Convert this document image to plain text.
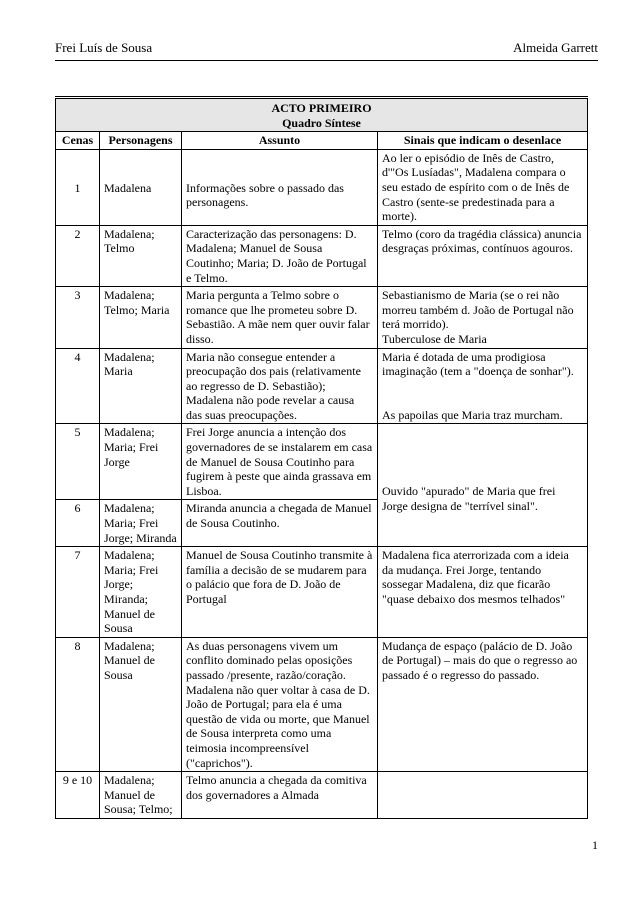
Frei Luís de Sousa	Almeida Garrett
ACTO PRIMEIRO
Quadro Síntese			

Cenas	Personagens	Assunto	Sinais que indicam o desenlace
1	Madalena	Informações sobre o passado das personagens.	Ao ler o episódio de Inês de Castro, d'"Os Lusíadas", Madalena compara o seu estado de espírito com o de Inês de Castro (sente-se predestinada para a morte).
2	Madalena; Telmo	Caracterização das personagens: D. Madalena; Manuel de Sousa Coutinho; Maria; D. João de Portugal e Telmo.	Telmo (coro da tragédia clássica) anuncia desgraças próximas, contínuos agouros.
3	Madalena; Telmo; Maria	Maria pergunta a Telmo sobre o romance que lhe prometeu sobre D. Sebastião. A mãe nem quer ouvir falar disso.	Sebastianismo de Maria (se o rei não morreu também d. João de Portugal não terá morrido).
Tuberculose de Maria

4	Madalena; Maria	Maria não consegue entender a preocupação dos pais (relativamente ao regresso de D. Sebastião); Madalena não pode revelar a causa das suas preocupações.	Maria é dotada de uma prodigiosa imaginação (tem a "doença de sonhar").
As papoilas que Maria traz murcham.

5	Madalena; Maria; Frei Jorge	Frei Jorge anuncia a intenção dos governadores de se instalarem em casa de Manuel de Sousa Coutinho para fugirem à peste que ainda grassava em Lisboa.	Ouvido "apurado" de Maria que frei Jorge designa de "terrível sinal".
6	Madalena; Maria; Frei Jorge; Miranda	Miranda anuncia a chegada de Manuel de Sousa Coutinho.	
7	Madalena; Maria; Frei Jorge; Miranda; Manuel de Sousa	Manuel de Sousa Coutinho transmite à família a decisão de se mudarem para o palácio que fora de D. João de Portugal	Madalena fica aterrorizada com a ideia da mudança. Frei Jorge, tentando sossegar Madalena, diz que ficarão "quase debaixo dos mesmos telhados"
8	Madalena; Manuel de Sousa	As duas personagens vivem um conflito dominado pelas oposições passado /presente, razão/coração. Madalena não quer voltar à casa de D. João de Portugal; para ela é uma questão de vida ou morte, que Manuel de Sousa interpreta como uma teimosia incompreensível ("caprichos").	Mudança de espaço (palácio de D. João de Portugal) – mais do que o regresso ao passado é o regresso do passado.
9 e 10	Madalena; Manuel de Sousa; Telmo;	Telmo anuncia a chegada da comitiva dos governadores a Almada	
1
